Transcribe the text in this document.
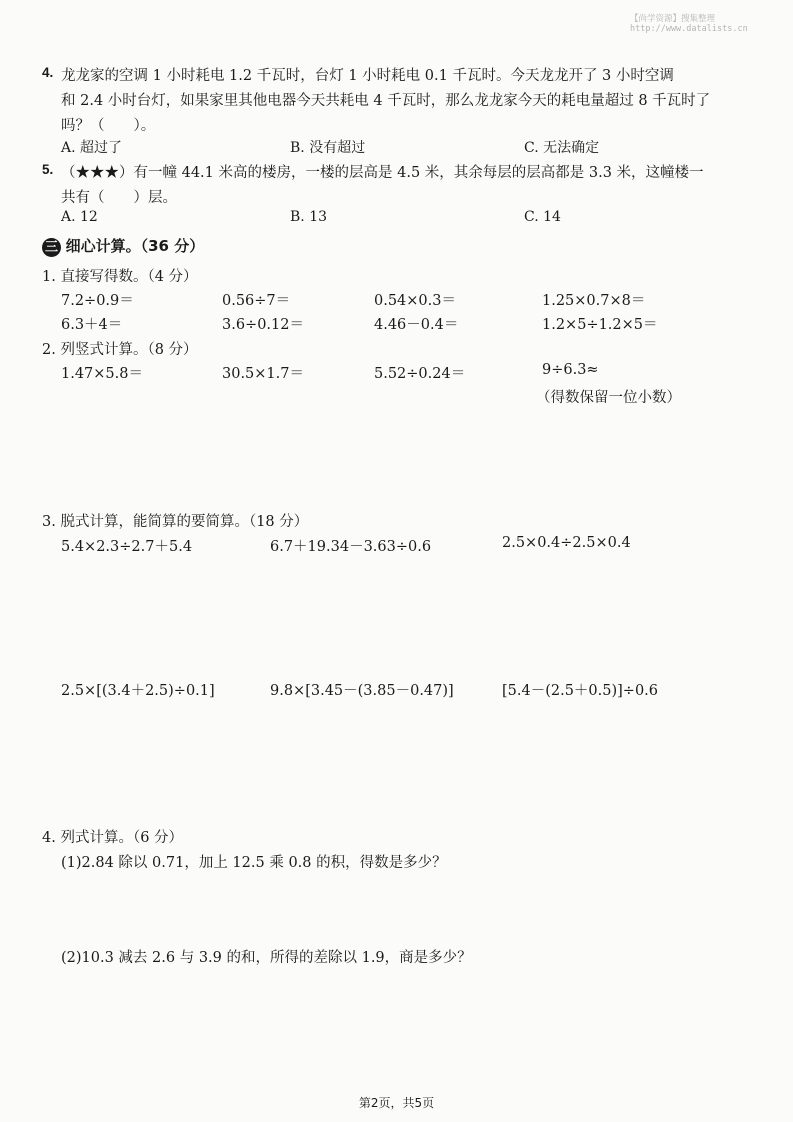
【尚学资源】搜集整理
http://www.datalists.cn
4. 龙龙家的空调 1 小时耗电 1.2 千瓦时，台灯 1 小时耗电 0.1 千瓦时。今天龙龙开了 3 小时空调
和 2.4 小时台灯，如果家里其他电器今天共耗电 4 千瓦时，那么龙龙家今天的耗电量超过 8 千瓦时了
吗？（　　）。
A. 超过了	B. 没有超过	C. 无法确定
5. （★★★）有一幢 44.1 米高的楼房，一楼的层高是 4.5 米，其余每层的层高都是 3.3 米，这幢楼一
共有（　　）层。
A. 12	B. 13	C. 14
三 细心计算。（36 分）
1. 直接写得数。（4 分）
7.2÷0.9＝	0.56÷7＝	0.54×0.3＝	1.25×0.7×8＝
6.3＋4＝	3.6÷0.12＝	4.46－0.4＝	1.2×5÷1.2×5＝
2. 列竖式计算。（8 分）
1.47×5.8＝	30.5×1.7＝	5.52÷0.24＝	9÷6.3≈
（得数保留一位小数）
3. 脱式计算，能简算的要简算。（18 分）
5.4×2.3÷2.7＋5.4	6.7＋19.34－3.63÷0.6	2.5×0.4÷2.5×0.4
2.5×[(3.4＋2.5)÷0.1]	9.8×[3.45－(3.85－0.47)]	[5.4－(2.5＋0.5)]÷0.6
4. 列式计算。（6 分）
(1)2.84 除以 0.71，加上 12.5 乘 0.8 的积，得数是多少？
(2)10.3 减去 2.6 与 3.9 的和，所得的差除以 1.9，商是多少？
第2页，共5页
